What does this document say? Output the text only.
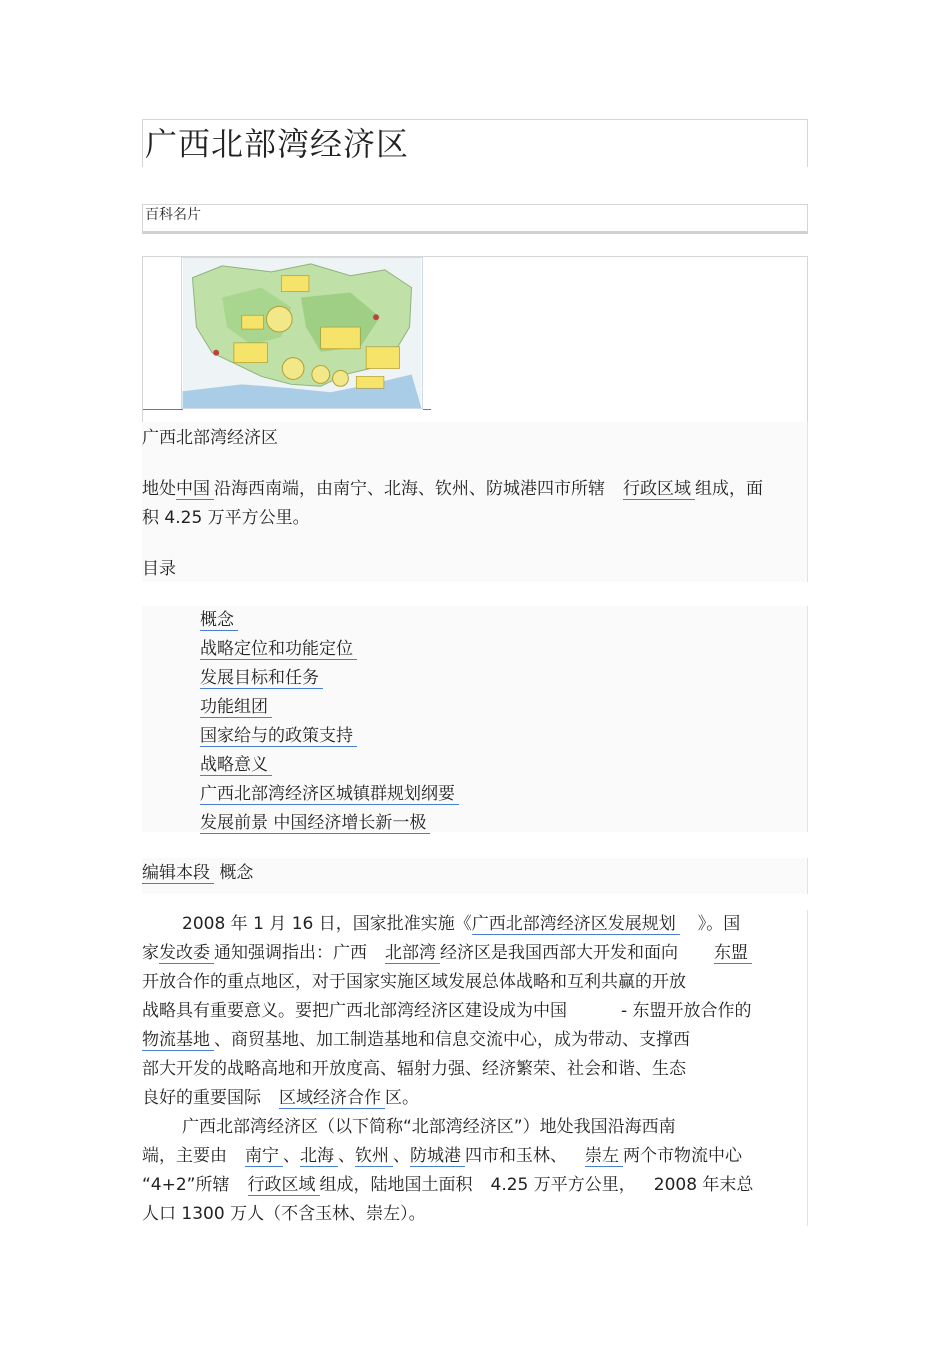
广西北部湾经济区
百科名片

广西北部湾经济区

地处中国 沿海西南端，由南宁、北海、钦州、防城港四市所辖 行政区域 组成，面

积 4.25 万平方公里。

目录

概念
战略定位和功能定位
发展目标和任务
功能组团
国家给与的政策支持
战略意义
广西北部湾经济区城镇群规划纲要
发展前景 中国经济增长新一极
编辑本段 概念

2008 年 1 月 16 日，国家批准实施《广西北部湾经济区发展规划 》。国

家发改委 通知强调指出：广西 北部湾 经济区是我国西部大开发和面向 东盟

开放合作的重点地区，对于国家实施区域发展总体战略和互利共赢的开放

战略具有重要意义。要把广西北部湾经济区建设成为中国	- 东盟开放合作的

物流基地 、商贸基地、加工制造基地和信息交流中心，成为带动、支撑西

部大开发的战略高地和开放度高、辐射力强、经济繁荣、社会和谐、生态

良好的重要国际 区域经济合作 区。

广西北部湾经济区（以下简称“北部湾经济区”）地处我国沿海西南

端，主要由 南宁 、北海 、钦州 、防城港 四市和玉林、 崇左 两个市物流中心

“4+2”所辖 行政区域 组成，陆地国土面积 4.25 万平方公里， 2008 年末总

人口 1300 万人（不含玉林、崇左）。
